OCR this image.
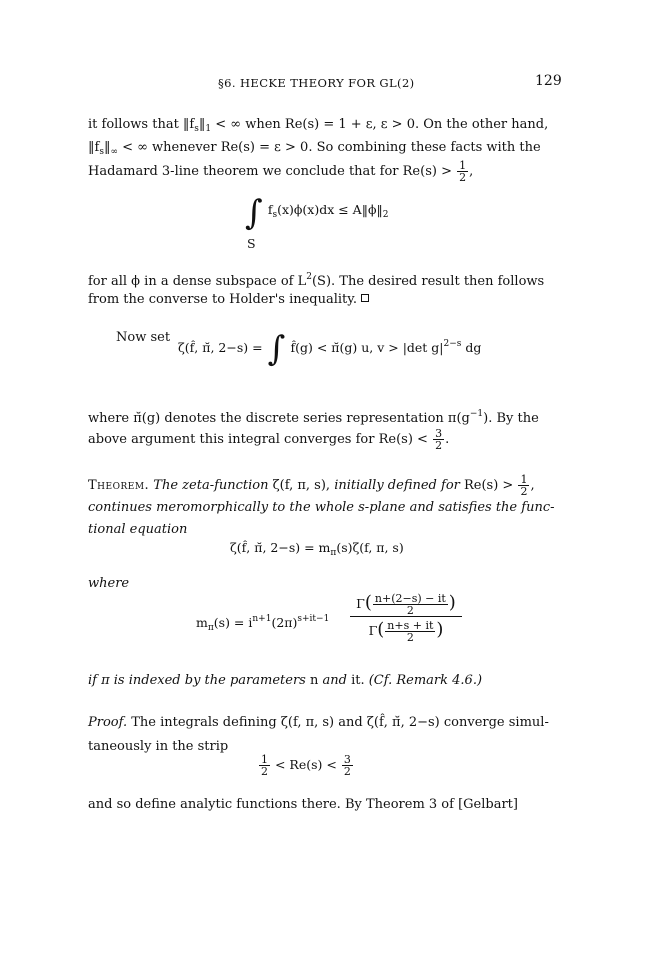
§6. HECKE THEORY FOR GL(2)	129
it follows that $‖f_s‖_1$ < ∞ when Re(s) = 1 + ε, ε > 0. On the other hand,
$‖f_s‖_\infty$ < ∞ whenever Re(s) = ε > 0. So combining these facts with the
Hadamard 3-line theorem we conclude that for $Re(s) > \frac{1}{2}$ ,
∫ $^{f_s(x)\phi(x)dx \le A‖\phi‖_2}$
S
for all ϕ in a dense subspace of $L^2(S)$. The desired result then follows
from the converse to Holder's inequality.
Now set
$^{\zeta(f̂, \pĭ, 2-s) =}$ ∫ $^{f̂(g) < \pĭ(g) u, v > |det g|^{2-s} dg}$
where π̆(g) denotes the discrete series representation $\pi(g^{-1})$. By the
above argument this integral converges for $Re(s) < \frac{3}{2}$ .
Theorem. The zeta-function ζ(f, π, s), initially defined for $Re(s) > \frac{1}{2}$ ,
continues meromorphically to the whole s-plane and satisfies the func-
tional equation
ζ(f̂, π̆, $2-s) = m_\pi(s)\zeta(f$, π, s)
where
$m_\pi(s) = i^{n+1}(2\pi)^{s+it-1}$
$\Gamma( \frac{n+(2-s) - it}{2}$ )
$\Gamma( \frac{n+s + it}{2}$ )
if π is indexed by the parameters n and it. (Cf. Remark 4.6.)
Proof. The integrals defining ζ(f, π, s) and ζ(f̂, π̆, 2−s) converge simul-
taneously in the strip
$\frac{1}{2} < Re(s) < \frac{3}{2}$
and so define analytic functions there. By Theorem 3 of [Gelbart]
